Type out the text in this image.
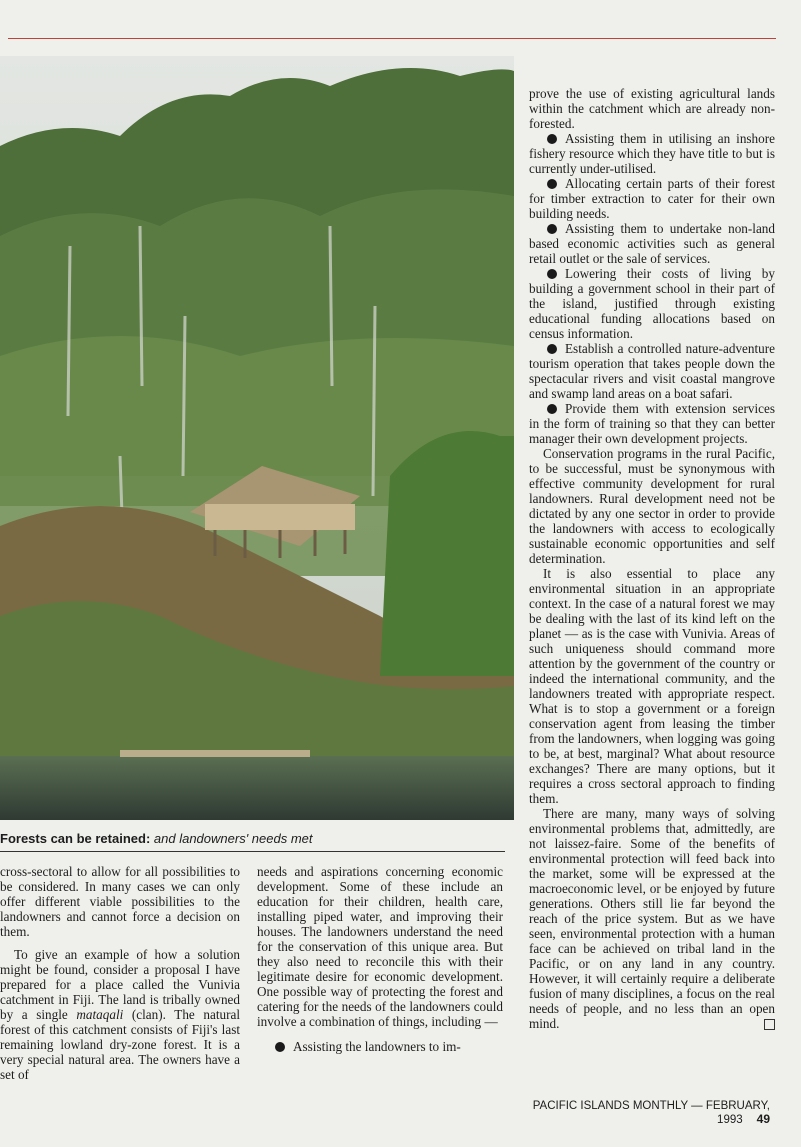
Forests can be retained: and landowners' needs met

cross-sectoral to allow for all possibilities to be considered. In many cases we can only offer different viable possibilities to the landowners and cannot force a decision on them.

To give an example of how a solution might be found, consider a proposal I have prepared for a place called the Vunivia catchment in Fiji. The land is tribally owned by a single mataqali (clan). The natural forest of this catchment consists of Fiji's last remaining lowland dry-zone forest. It is a very special natural area. The owners have a set of

needs and aspirations concerning economic development. Some of these include an education for their children, health care, installing piped water, and improving their houses. The landowners understand the need for the conservation of this unique area. But they also need to reconcile this with their legitimate desire for economic development. One possible way of protecting the forest and catering for the needs of the landowners could involve a combination of things, including —

Assisting the landowners to im-

prove the use of existing agricultural lands within the catchment which are already non-forested.

Assisting them in utilising an inshore fishery resource which they have title to but is currently under-utilised.

Allocating certain parts of their forest for timber extraction to cater for their own building needs.

Assisting them to undertake non-land based economic activities such as general retail outlet or the sale of services.

Lowering their costs of living by building a government school in their part of the island, justified through existing educational funding allocations based on census information.

Establish a controlled nature-adventure tourism operation that takes people down the spectacular rivers and visit coastal mangrove and swamp land areas on a boat safari.

Provide them with extension services in the form of training so that they can better manager their own development projects.

Conservation programs in the rural Pacific, to be successful, must be synonymous with effective community development for rural landowners. Rural development need not be dictated by any one sector in order to provide the landowners with access to ecologically sustainable economic opportunities and self determination.

It is also essential to place any environmental situation in an appropriate context. In the case of a natural forest we may be dealing with the last of its kind left on the planet — as is the case with Vunivia. Areas of such uniqueness should command more attention by the government of the country or indeed the international community, and the landowners treated with appropriate respect. What is to stop a government or a foreign conservation agent from leasing the timber from the landowners, when logging was going to be, at best, marginal? What about resource exchanges? There are many options, but it requires a cross sectoral approach to finding them.

There are many, many ways of solving environmental problems that, admittedly, are not laissez-faire. Some of the benefits of environmental protection will feed back into the market, some will be expressed at the macroeconomic level, or be enjoyed by future generations. Others still lie far beyond the reach of the price system. But as we have seen, environmental protection with a human face can be achieved on tribal land in the Pacific, or on any land in any country. However, it will certainly require a deliberate fusion of many disciplines, a focus on the real needs of people, and no less than an open mind.

PACIFIC ISLANDS MONTHLY — FEBRUARY, 1993 49
